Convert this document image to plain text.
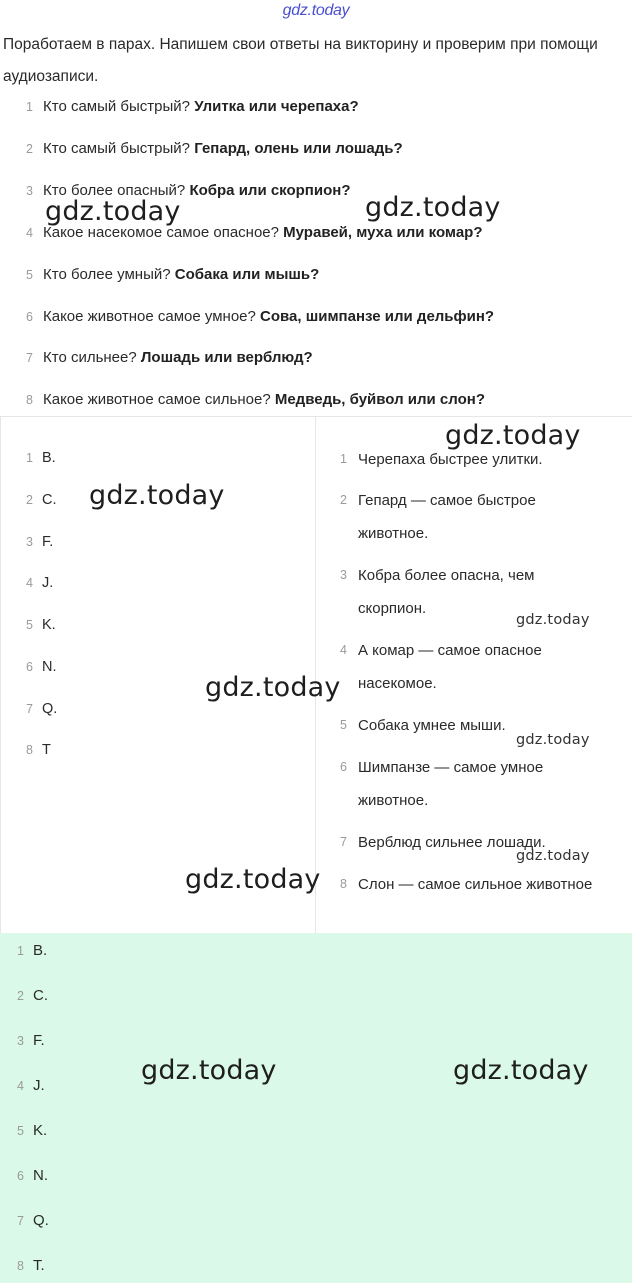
gdz.today
Поработаем в парах. Напишем свои ответы на викторину и проверим при помощи аудиозаписи.
1 Кто самый быстрый? Улитка или черепаха?
2 Кто самый быстрый? Гепард, олень или лошадь?
3 Кто более опасный? Кобра или скорпион?
4 Какое насекомое самое опасное? Муравей, муха или комар?
5 Кто более умный? Собака или мышь?
6 Какое животное самое умное? Сова, шимпанзе или дельфин?
7 Кто сильнее? Лошадь или верблюд?
8 Какое животное самое сильное? Медведь, буйвол или слон?
1 B.
2 C.
3 F.
4 J.
5 K.
6 N.
7 Q.
8 T
1 Черепаха быстрее улитки.
2 Гепард — самое быстрое животное.
3 Кобра более опасна, чем скорпион.
4 А комар — самое опасное насекомое.
5 Собака умнее мыши.
6 Шимпанзе — самое умное животное.
7 Верблюд сильнее лошади.
8 Слон — самое сильное животное
1 B.
2 C.
3 F.
4 J.
5 K.
6 N.
7 Q.
8 T.
gdz.today	gdz.today
gdz.today
gdz.today
gdz.today
gdz.today
gdz.today
gdz.today
gdz.today
gdz.today	gdz.today
